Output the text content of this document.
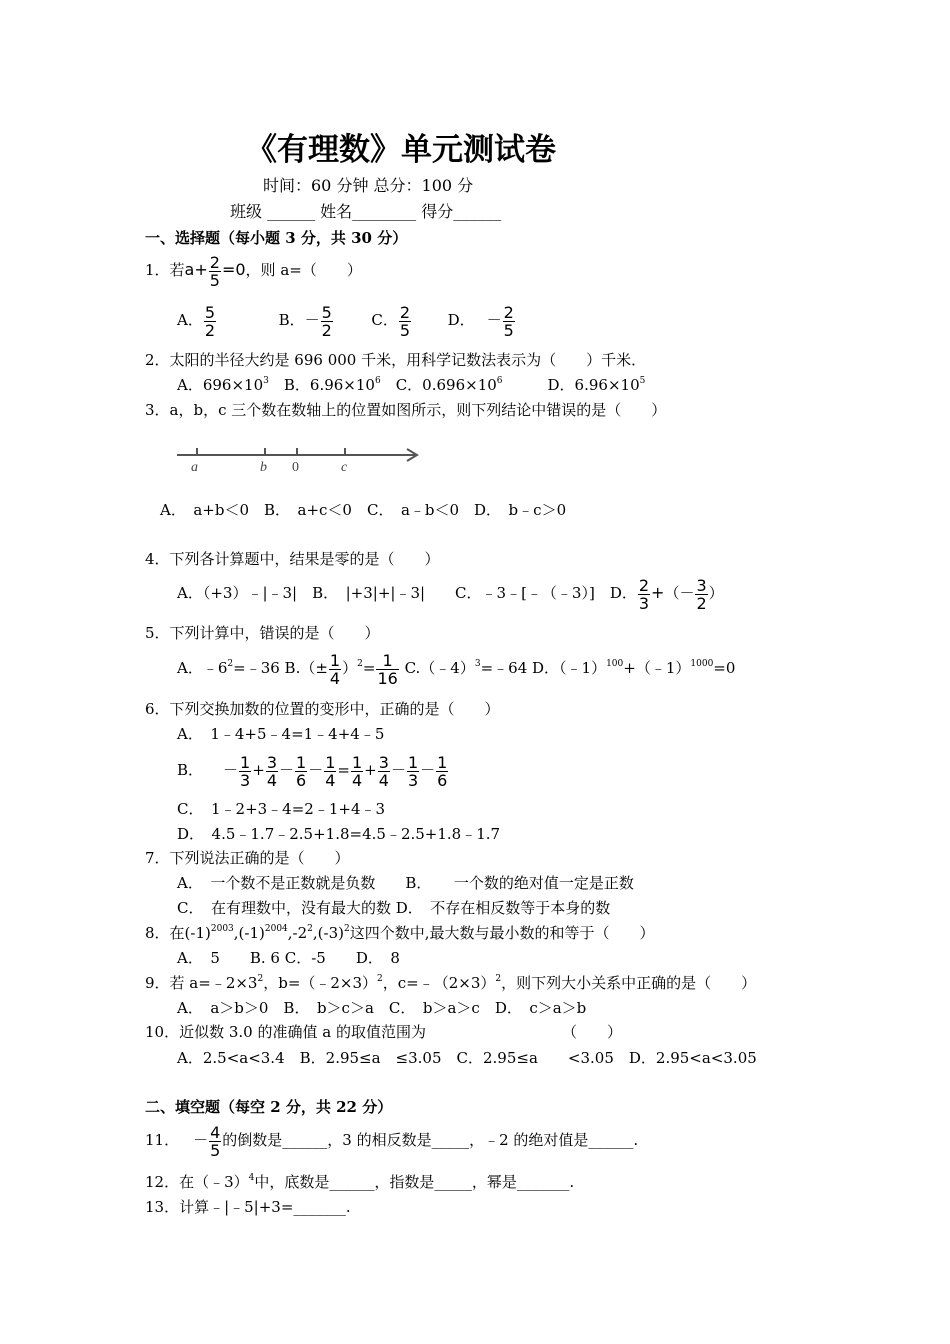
《有理数》单元测试卷
时间：60 分钟 总分：100 分
班级 ______ 姓名________ 得分______
一、选择题（每小题 3 分，共 30 分）
1．若$a+ \frac{2}{5} =0$，则 a=（　　）
A． $\frac{5}{2}$	B．－ $\frac{5}{2}$	C． $\frac{2}{5}$ D． － $\frac{2}{5}$
2．太阳的半径大约是 696 000 千米，用科学记数法表示为（　　）千米．
A．$696\times 10^3$　 B．$6.96\times 10^6$　 C．$0.696\times 10^6$　　　	D．$6.96\times 10^5$
3．a，b，c 三个数在数轴上的位置如图所示，则下列结论中错误的是（　　）
a	b 0	c
A．　a+b＜0　B．　a+c＜0　C．　a﹣b＜0　D．　b﹣c＞0
4．下列各计算题中，结果是零的是（　　）
A．（+3）﹣|﹣3|　B．　|+3|+|﹣3|　　C．﹣3﹣[﹣（﹣3）]　D． $\frac{2}{3}$ +（－ $\frac{3}{2}$ ）
5．下列计算中，错误的是（　　）
A．$﹣6^2=﹣36$ $B.(\pm \frac{1}{4} )^2= \frac{1}{16}$ C.（﹣4）$^3$=﹣64 D．（﹣1）$^{100}$+（﹣1）$^{1000}$=0
6．下列交换加数的位置的变形中，正确的是（　　）
A．　1﹣4+5﹣4=1﹣4+4﹣5
B． － $\frac{1}{3} + \frac{3}{4} - \frac{1}{6} - \frac{1}{4} = \frac{1}{4} + \frac{3}{4} - \frac{1}{3} - \frac{1}{6}$
C．　1﹣2+3﹣4=2﹣1+4﹣3
D．　4.5﹣1.7﹣2.5+1.8=4.5﹣2.5+1.8﹣1.7
7．下列说法正确的是（　　）
A．　一个数不是正数就是负数　　B．　　一个数的绝对值一定是正数
C．　在有理数中，没有最大的数 D．　不存在相反数等于本身的数
8．在$(-1)^{2003},(-1)^{2004},-2^2,(-3)^2$这四个数中,最大数与最小数的和等于（　　）
A．　5　　B. 6 C．-5　　D．　8
9．若 $a=﹣2\times 3^2$，b=（﹣2×3）$^2$，$c=﹣(2\times 3)^2$，则下列大小关系中正确的是（　　）
A．　a＞b＞0　B．　b＞c＞a　C．　b＞a＞c　D．　c＞a＞b
10．近似数 3.0 的准确值 a 的取值范围为	（　　）
A．2.5<a<3.4　B．2.95≤a　≤3.05　C．2.95≤a　　<3.05　D．2.95<a<3.05
二、填空题（每空 2 分，共 22 分）
11． － $\frac{4}{5}$ 的倒数是______，3 的相反数是_____，﹣2 的绝对值是______.
12．在（﹣3）$^4$中，底数是______，指数是_____，幂是_______.
13．计算﹣|﹣5|+3=_______.
